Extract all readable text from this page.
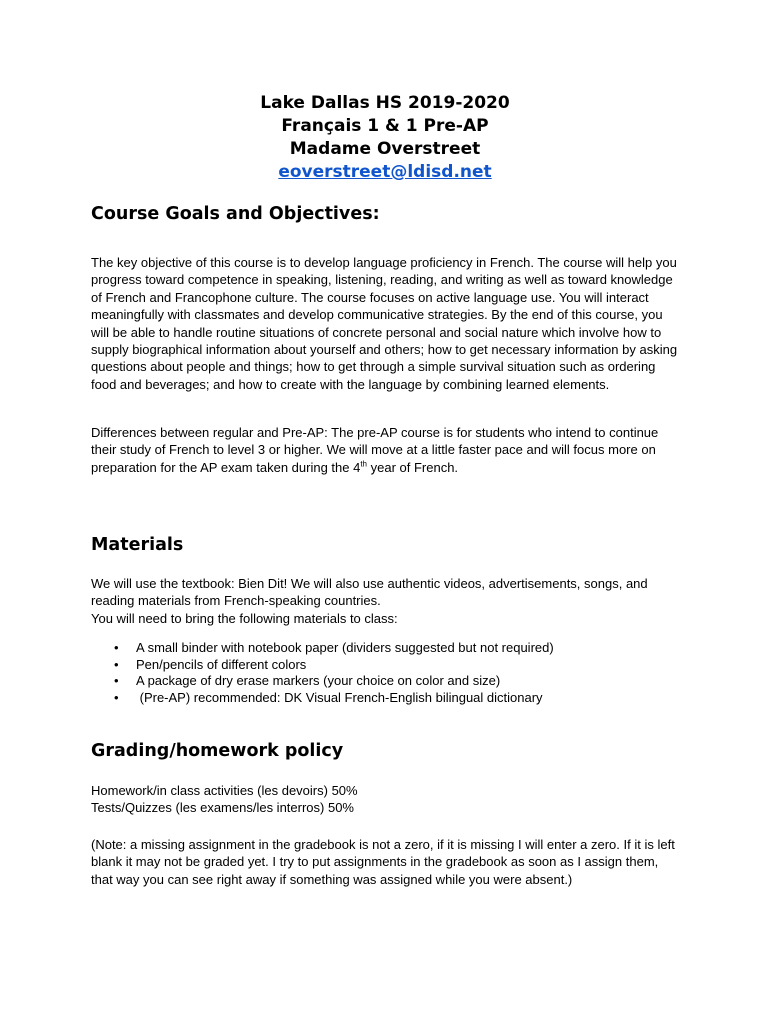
Lake Dallas HS 2019-2020
Français 1 & 1 Pre-AP
Madame Overstreet
eoverstreet@ldisd.net
Course Goals and Objectives:

The key objective of this course is to develop language proficiency in French. The course will help you progress toward competence in speaking, listening, reading, and writing as well as toward knowledge of French and Francophone culture. The course focuses on active language use. You will interact meaningfully with classmates and develop communicative strategies. By the end of this course, you will be able to handle routine situations of concrete personal and social nature which involve how to supply biographical information about yourself and others; how to get necessary information by asking questions about people and things; how to get through a simple survival situation such as ordering food and beverages; and how to create with the language by combining learned elements.

Differences between regular and Pre-AP: The pre-AP course is for students who intend to continue their study of French to level 3 or higher. We will move at a little faster pace and will focus more on preparation for the AP exam taken during the 4th year of French.

Materials

We will use the textbook: Bien Dit! We will also use authentic videos, advertisements, songs, and reading materials from French-speaking countries.
You will need to bring the following materials to class:

• A small binder with notebook paper (dividers suggested but not required)
• Pen/pencils of different colors
• A package of dry erase markers (your choice on color and size)
•  (Pre-AP) recommended: DK Visual French-English bilingual dictionary
Grading/homework policy

Homework/in class activities (les devoirs) 50%
Tests/Quizzes (les examens/les interros) 50%

(Note: a missing assignment in the gradebook is not a zero, if it is missing I will enter a zero. If it is left blank it may not be graded yet. I try to put assignments in the gradebook as soon as I assign them, that way you can see right away if something was assigned while you were absent.)
